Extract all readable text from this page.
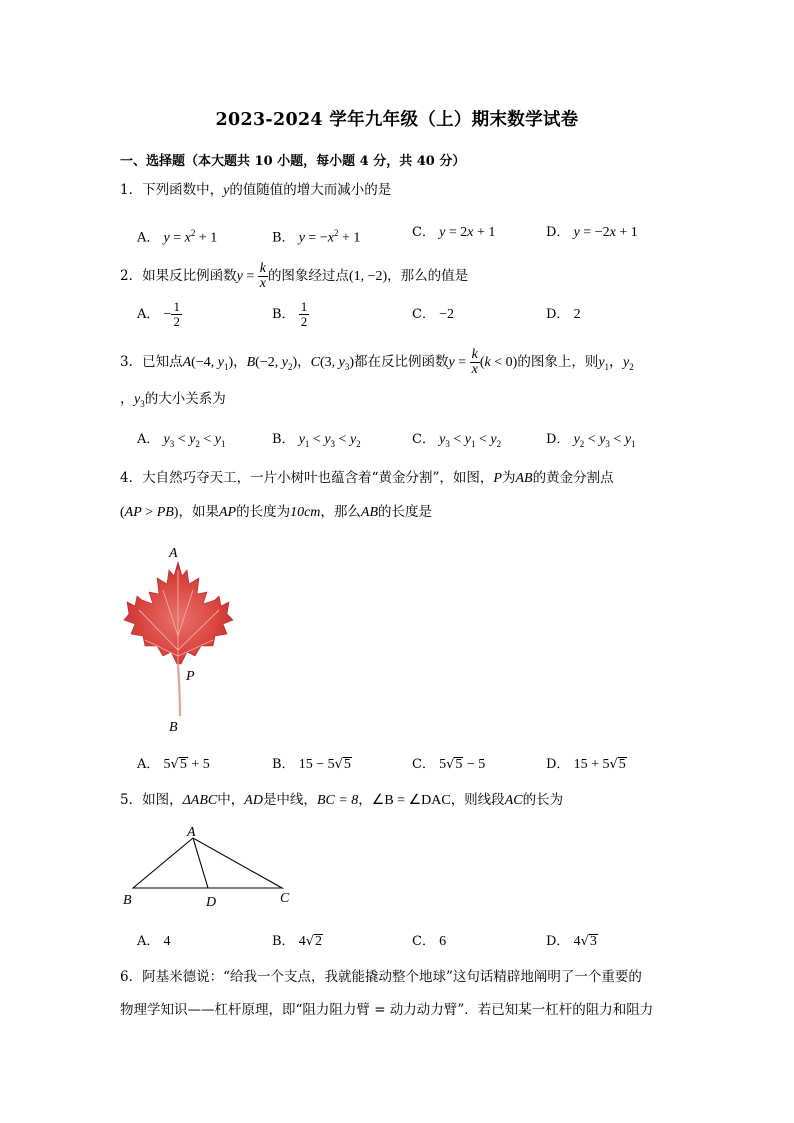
2023-2024 学年九年级（上）期末数学试卷
一、选择题（本大题共 10 小题，每小题 4 分，共 40 分）
1．下列函数中，y的值随值的增大而减小的是
A． $y = x^2 + 1$	B． $y = -x^2 + 1$	C． y = 2x + 1	D． y = −2x + 1
2．如果反比例函数$y = \frac{k}{x}$ 的图象经过点(1, −2)，那么的值是
A． − $\frac{1}{2}$	B． $\frac{1}{2}$	C． −2	D． 2
3．已知点A(−4, $y_1$)，B(−2, $y_2$)，C(3, $y_3$)都在反比例函数$y = \frac{k}{x} (k < 0)$的图象上，则$y_1$，$y_2$
，$y_3$的大小关系为
A． $y_3 < y_2 < y_1$	B． $y_1 < y_3 < y_2$	C． $y_3 < y_1 < y_2$	D． $y_2 < y_3 < y_1$
4．大自然巧夺天工，一片小树叶也蕴含着“黄金分割”，如图，P为AB的黄金分割点
(AP > PB)，如果AP的长度为10cm，那么AB的长度是
A
P
B
A． 5√5 + 5	B． 15 − 5√5	C． 5√5 − 5	D． 15 + 5√5
5．如图，ΔABC中，AD是中线，BC = 8，∠B = ∠DAC，则线段AC的长为
A
B	D	C
A． 4	B． 4√2	C． 6	D． 4√3
6．阿基米德说：“给我一个支点，我就能撬动整个地球”这句话精辟地阐明了一个重要的
物理学知识——杠杆原理，即“阻力阻力臂 = 动力动力臂”．若已知某一杠杆的阻力和阻力
